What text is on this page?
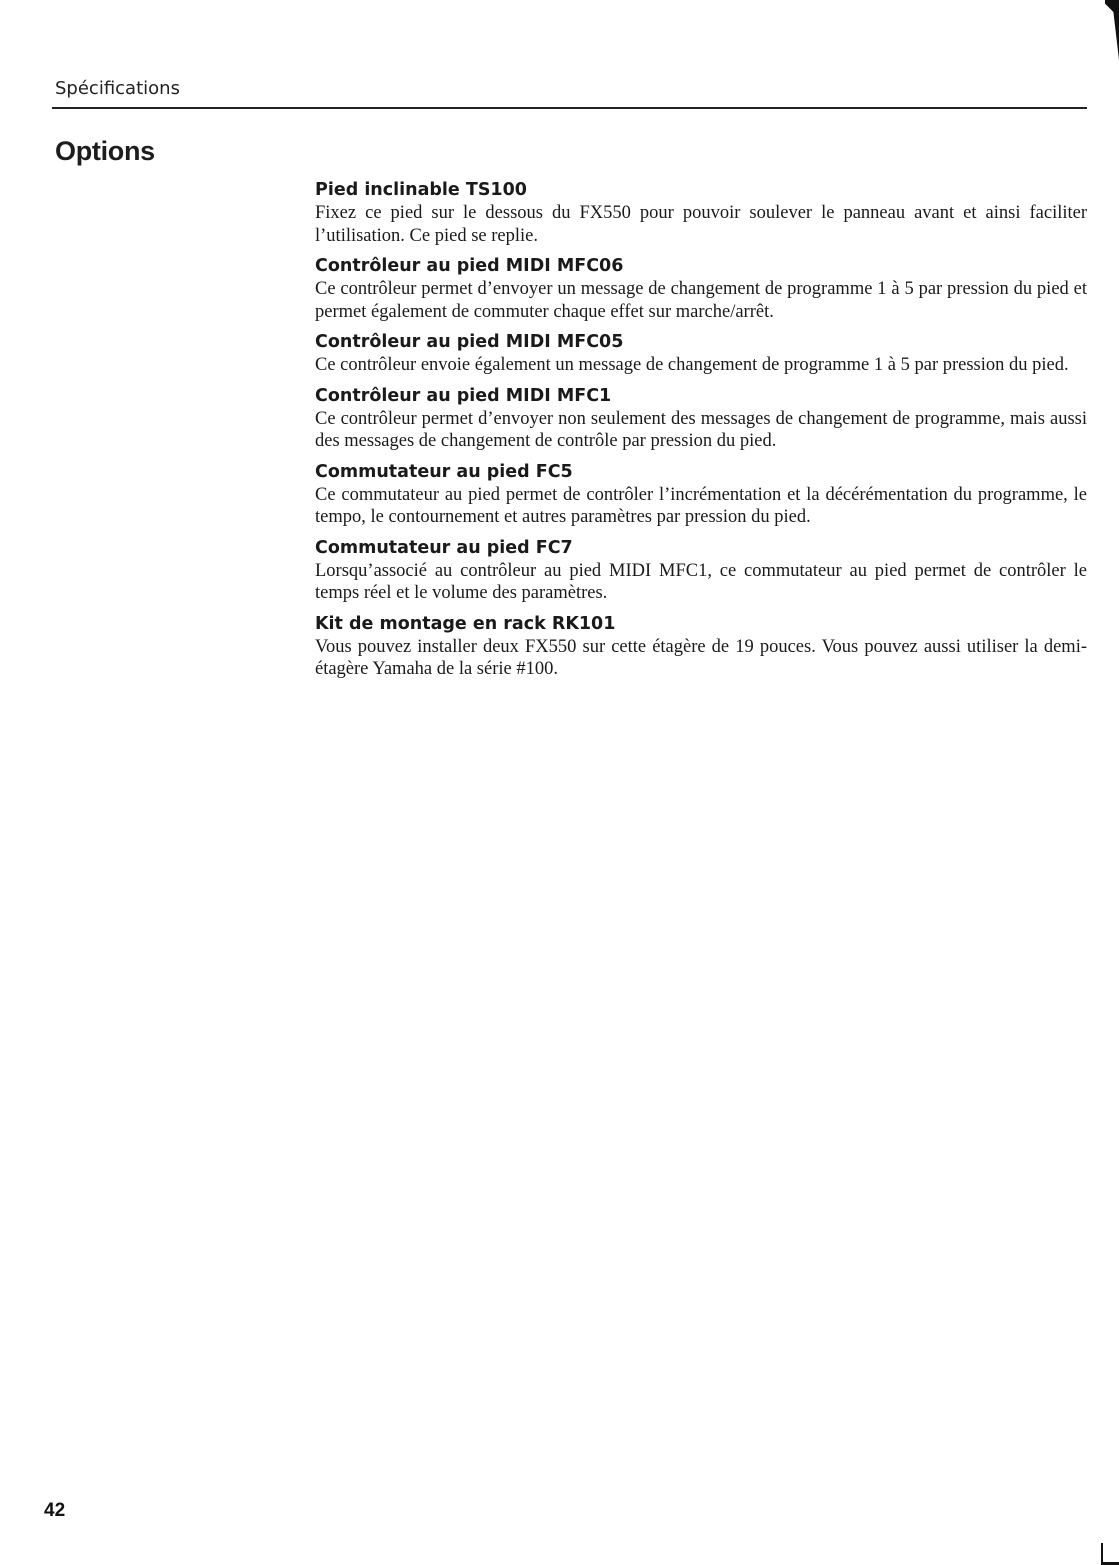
Spécifications
Options
Pied inclinable TS100

Fixez ce pied sur le dessous du FX550 pour pouvoir soulever le panneau avant et ainsi faciliter l’utilisation. Ce pied se replie.

Contrôleur au pied MIDI MFC06

Ce contrôleur permet d’envoyer un message de changement de programme 1 à 5 par pression du pied et permet également de commuter chaque effet sur marche/arrêt.

Contrôleur au pied MIDI MFC05

Ce contrôleur envoie également un message de changement de programme 1 à 5 par pression du pied.

Contrôleur au pied MIDI MFC1

Ce contrôleur permet d’envoyer non seulement des messages de changement de programme, mais aussi des messages de changement de contrôle par pression du pied.

Commutateur au pied FC5

Ce commutateur au pied permet de contrôler l’incrémentation et la décérémentation du programme, le tempo, le contournement et autres paramètres par pression du pied.

Commutateur au pied FC7

Lorsqu’associé au contrôleur au pied MIDI MFC1, ce commutateur au pied permet de contrôler le temps réel et le volume des paramètres.

Kit de montage en rack RK101

Vous pouvez installer deux FX550 sur cette étagère de 19 pouces. Vous pouvez aussi utiliser la demi-étagère Yamaha de la série #100.

42
